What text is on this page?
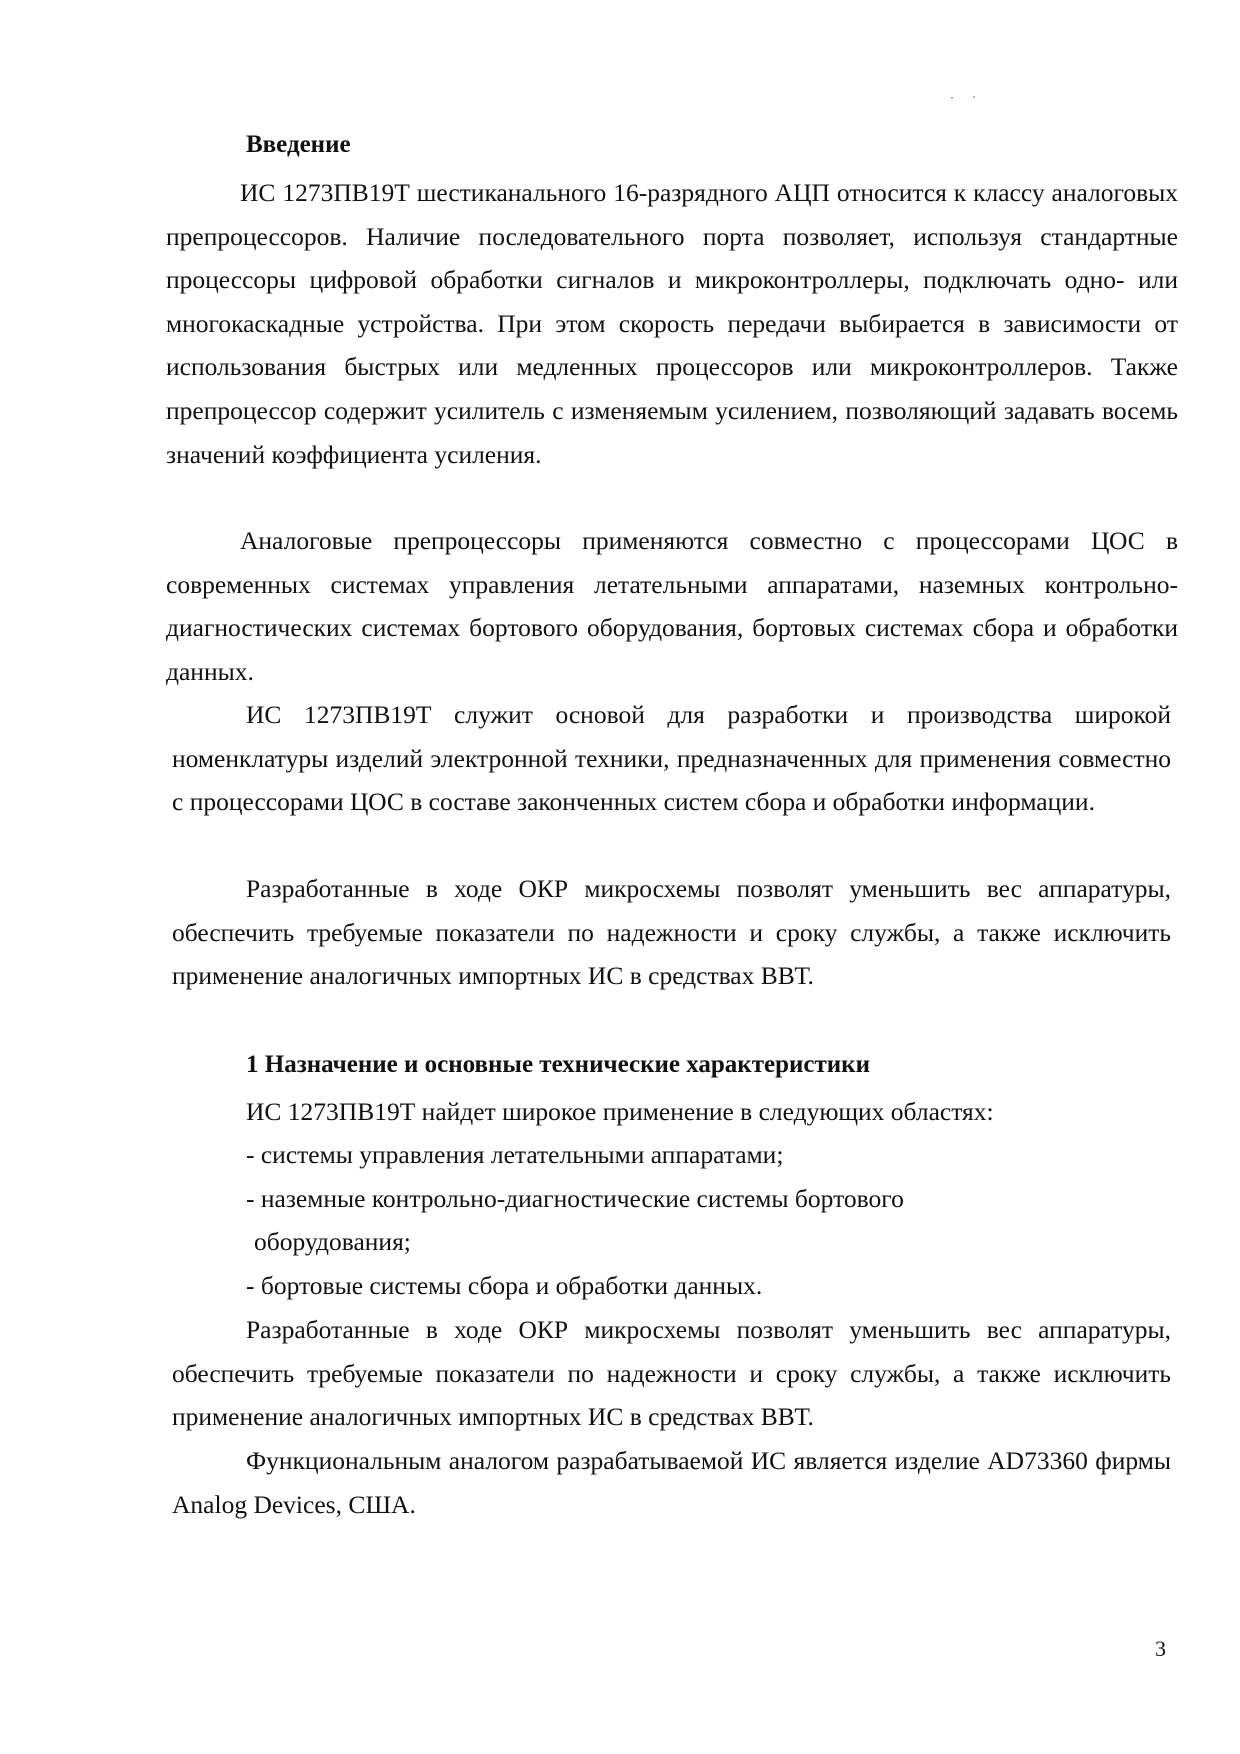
Введение

ИС 1273ПВ19Т шестиканального 16-разрядного АЦП относится к классу аналоговых препроцессоров. Наличие последовательного порта позволяет, используя стандартные процессоры цифровой обработки сигналов и микроконтроллеры, подключать одно- или многокаскадные устройства. При этом скорость передачи выбирается в зависимости от использования быстрых или медленных процессоров или микроконтроллеров. Также препроцессор содержит усилитель с изменяемым усилением, позволяющий задавать восемь значений коэффициента усиления.

Аналоговые препроцессоры применяются совместно с процессорами ЦОС в современных системах управления летательными аппаратами, наземных контрольно-диагностических системах бортового оборудования, бортовых системах сбора и обработки данных.

ИС 1273ПВ19Т служит основой для разработки и производства широкой номенклатуры изделий электронной техники, предназначенных для применения совместно с процессорами ЦОС в составе законченных систем сбора и обработки информации.

Разработанные в ходе ОКР микросхемы позволят уменьшить вес аппаратуры, обеспечить требуемые показатели по надежности и сроку службы, а также исключить применение аналогичных импортных ИС в средствах ВВТ.

1 Назначение и основные технические характеристики

ИС 1273ПВ19Т найдет широкое применение в следующих областях:

- системы управления летательными аппаратами;

- наземные контрольно-диагностические системы бортового

оборудования;

- бортовые системы сбора и обработки данных.

Разработанные в ходе ОКР микросхемы позволят уменьшить вес аппаратуры, обеспечить требуемые показатели по надежности и сроку службы, а также исключить применение аналогичных импортных ИС в средствах ВВТ.

Функциональным аналогом разрабатываемой ИС является изделие AD73360 фирмы Analog Devices, США.

3
